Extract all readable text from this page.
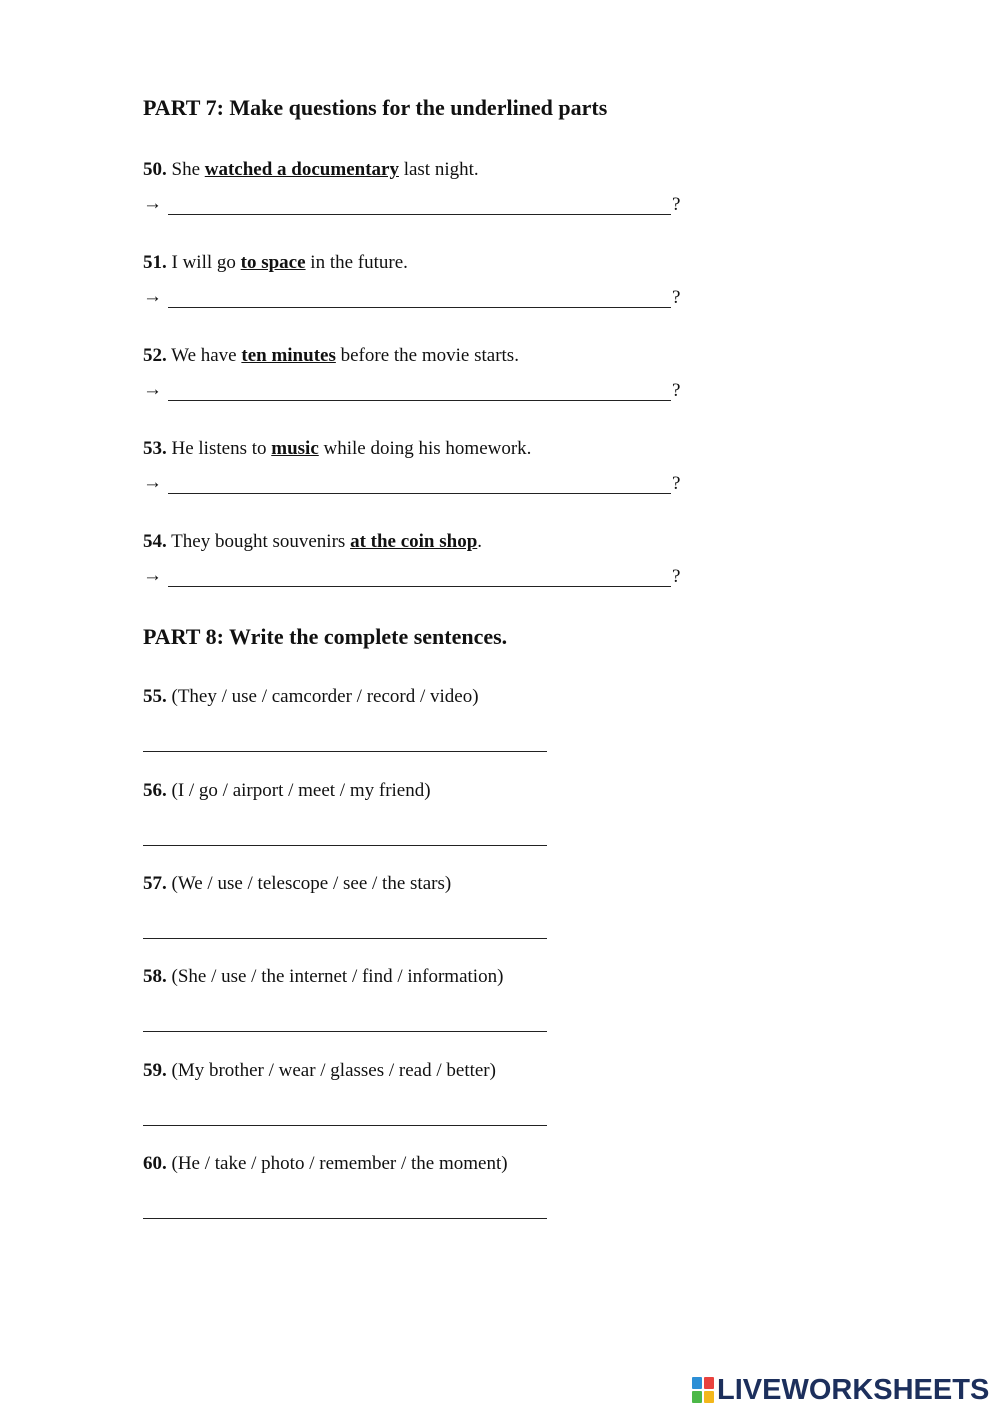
PART 7: Make questions for the underlined parts
50. She watched a documentary last night.
→	?
51. I will go to space in the future.
→	?
52. We have ten minutes before the movie starts.
→	?
53. He listens to music while doing his homework.
→	?
54. They bought souvenirs at the coin shop.
→	?
PART 8: Write the complete sentences.
55. (They / use / camcorder / record / video)
56. (I / go / airport / meet / my friend)
57. (We / use / telescope / see / the stars)
58. (She / use / the internet / find / information)
59. (My brother / wear / glasses / read / better)
60. (He / take / photo / remember / the moment)
LIVEWORKSHEETS
